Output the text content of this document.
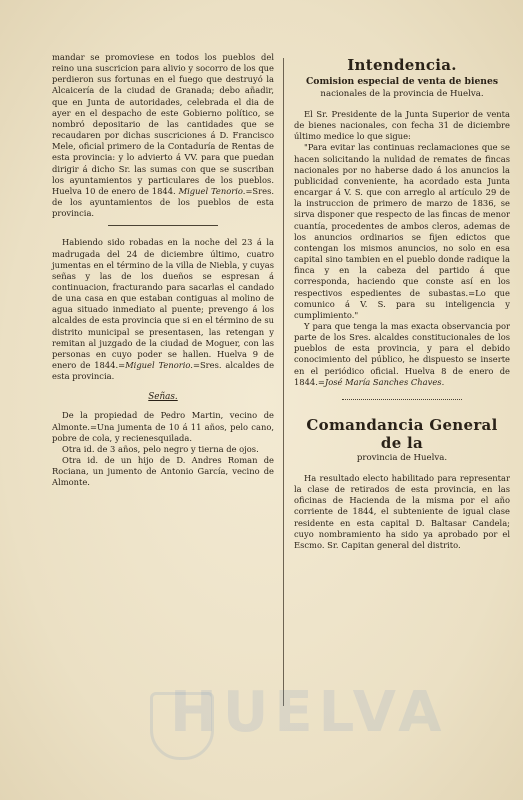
mandar se promoviese en todos los pueblos del reino una suscricion para alivio y socorro de los que perdieron sus fortunas en el fuego que destruyó la Alcaicería de la ciudad de Granada; debo añadir, que en Junta de autoridades, celebrada el dia de ayer en el despacho de este Gobierno político, se nombró depositario de las cantidades que se recaudaren por dichas suscriciones á D. Francisco Mele, oficial primero de la Contaduría de Rentas de esta provincia: y lo advierto á VV. para que puedan dirigir á dicho Sr. las sumas con que se suscriban los ayuntamientos y particulares de los pueblos. Huelva 10 de enero de 1844. Miguel Tenorio.=Sres. de los ayuntamientos de los pueblos de esta provincia.

Habiendo sido robadas en la noche del 23 á la madrugada del 24 de diciembre último, cuatro jumentas en el término de la villa de Niebla, y cuyas señas y las de los dueños se espresan á continuacion, fracturando para sacarlas el candado de una casa en que estaban contiguas al molino de agua situado inmediato al puente; prevengo á los alcaldes de esta provincia que si en el término de su distrito municipal se presentasen, las retengan y remitan al juzgado de la ciudad de Moguer, con las personas en cuyo poder se hallen. Huelva 9 de enero de 1844.=Miguel Tenorio.=Sres. alcaldes de esta provincia.

Señas.

De la propiedad de Pedro Martin, vecino de Almonte.=Una jumenta de 10 á 11 años, pelo cano, pobre de cola, y recienesquilada.

Otra id. de 3 años, pelo negro y tierna de ojos.

Otra id. de un hijo de D. Andres Roman de Rociana, un jumento de Antonio García, vecino de Almonte.

Intendencia.
Comision especial de venta de bienes
nacionales de la provincia de Huelva.

El Sr. Presidente de la Junta Superior de venta de bienes nacionales, con fecha 31 de diciembre último medice lo que sigue:

"Para evitar las continuas reclamaciones que se hacen solicitando la nulidad de remates de fincas nacionales por no haberse dado á los anuncios la publicidad conveniente, ha acordado esta Junta encargar á V. S. que con arreglo al artículo 29 de la instruccion de primero de marzo de 1836, se sirva disponer que respecto de las fincas de menor cuantía, procedentes de ambos cleros, ademas de los anuncios ordinarios se fijen edictos que contengan los mismos anuncios, no solo en esa capital sino tambien en el pueblo donde radique la finca y en la cabeza del partido á que corresponda, haciendo que conste así en los respectivos espedientes de subastas.=Lo que comunico á V. S. para su inteligencia y cumplimiento."

Y para que tenga la mas exacta observancia por parte de los Sres. alcaldes constitucionales de los pueblos de esta provincia, y para el debido conocimiento del público, he dispuesto se inserte en el periódico oficial. Huelva 8 de enero de 1844.=José María Sanches Chaves.

Comandancia General de la
provincia de Huelva.

Ha resultado electo habilitado para representar la clase de retirados de esta provincia, en las oficinas de Hacienda de la misma por el año corriente de 1844, el subteniente de igual clase residente en esta capital D. Baltasar Candela; cuyo nombramiento ha sido ya aprobado por el Escmo. Sr. Capitan general del distrito.

HUELVA
